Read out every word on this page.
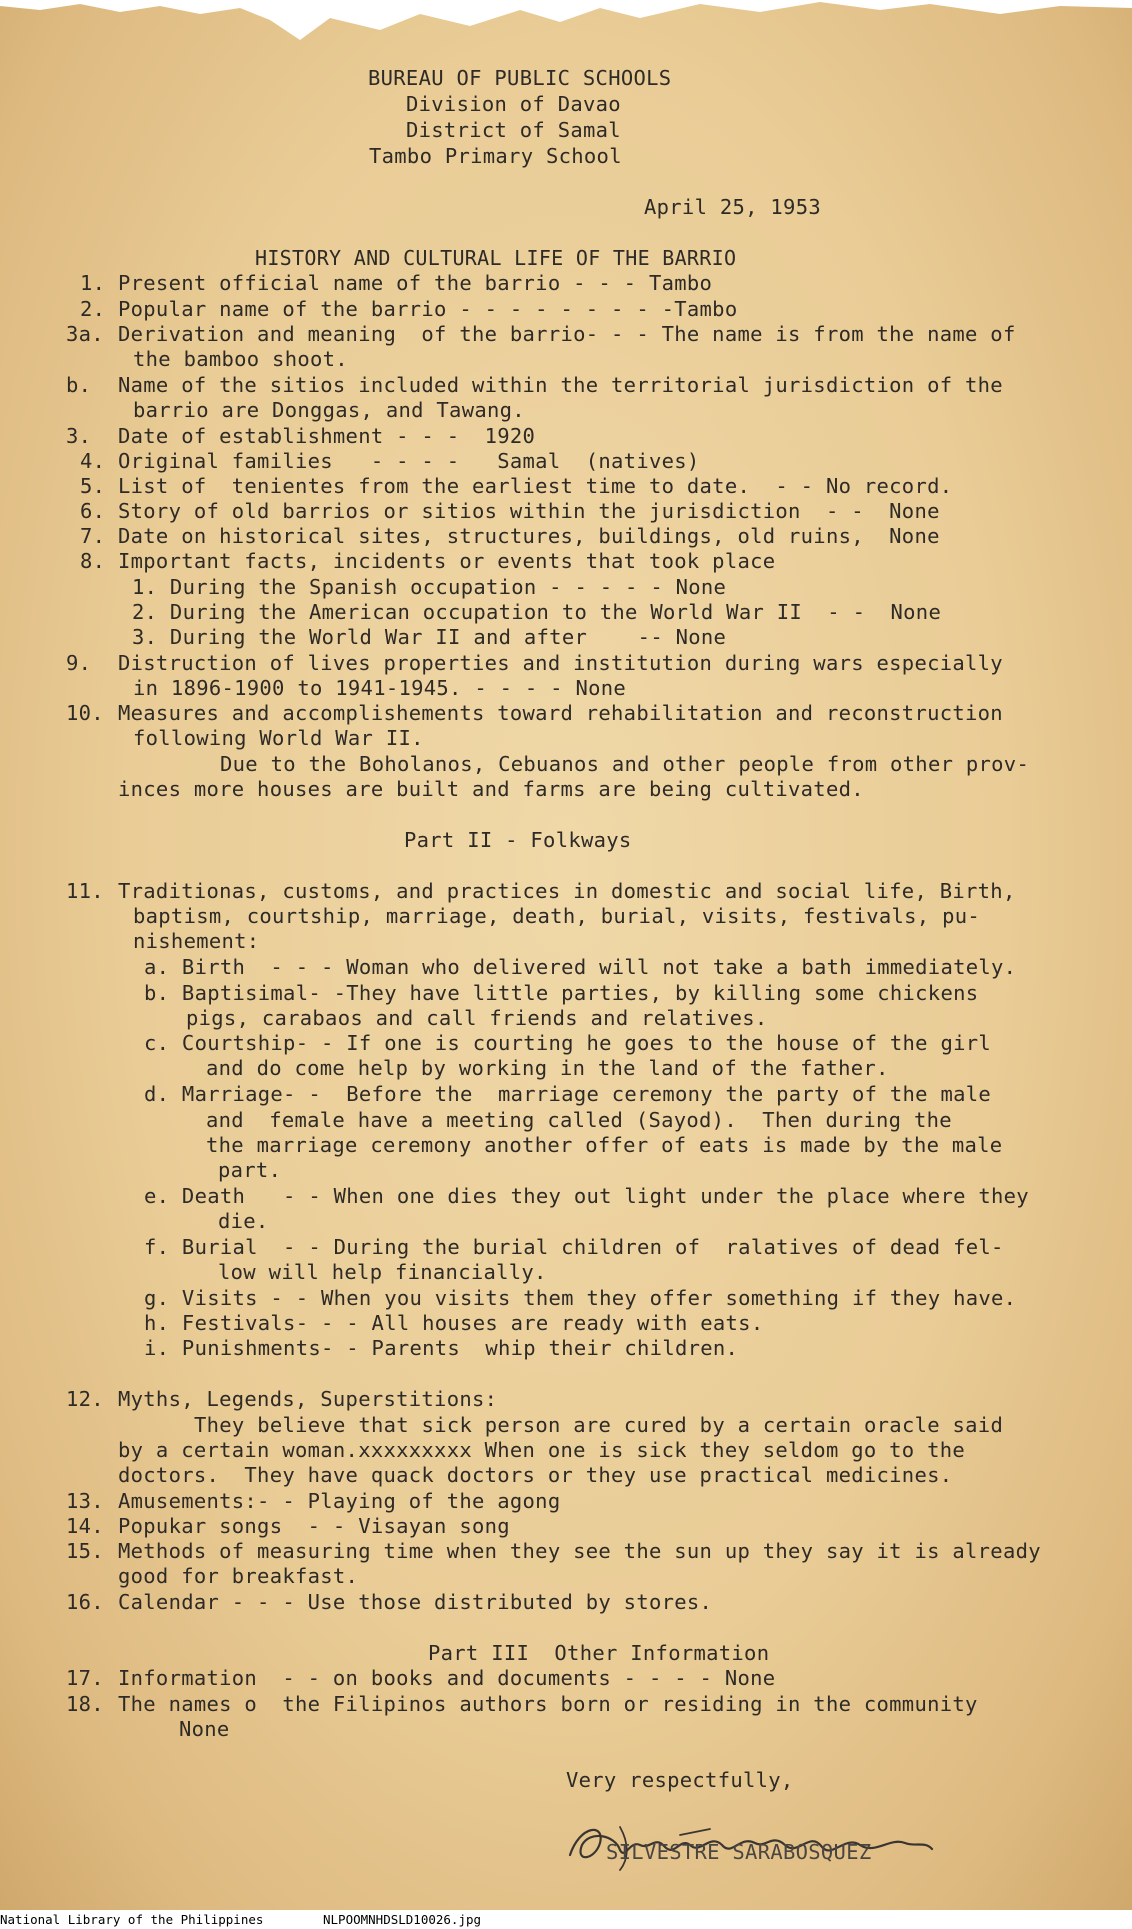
BUREAU OF PUBLIC SCHOOLS
Division of Davao
District of Samal
Tambo Primary School
April 25, 1953
HISTORY AND CULTURAL LIFE OF THE BARRIO
1. Present official name of the barrio - - - Tambo
2. Popular name of the barrio - - - - - - - - -Tambo
3a. Derivation and meaning  of the barrio- - - The name is from the name of
the bamboo shoot.
b. Name of the sitios included within the territorial jurisdiction of the
barrio are Donggas, and Tawang.
3. Date of establishment - - -  1920
4. Original families   - - - -   Samal  (natives)
5. List of  tenientes from the earliest time to date.  - - No record.
6. Story of old barrios or sitios within the jurisdiction  - -  None
7. Date on historical sites, structures, buildings, old ruins,  None
8. Important facts, incidents or events that took place
1. During the Spanish occupation - - - - - None
2. During the American occupation to the World War II  - -  None
3. During the World War II and after    -- None
9. Distruction of lives properties and institution during wars especially
in 1896-1900 to 1941-1945. - - - - None
10. Measures and accomplishements toward rehabilitation and reconstruction
following World War II.
Due to the Boholanos, Cebuanos and other people from other prov-
inces more houses are built and farms are being cultivated.
Part II - Folkways
11. Traditionas, customs, and practices in domestic and social life, Birth,
baptism, courtship, marriage, death, burial, visits, festivals, pu-
nishement:
a. Birth  - - - Woman who delivered will not take a bath immediately.
b. Baptisimal- -They have little parties, by killing some chickens
pigs, carabaos and call friends and relatives.
c. Courtship- - If one is courting he goes to the house of the girl
and do come help by working in the land of the father.
d. Marriage- -  Before the  marriage ceremony the party of the male
and  female have a meeting called (Sayod).  Then during the
the marriage ceremony another offer of eats is made by the male
part.
e. Death   - - When one dies they out light under the place where they
die.
f. Burial  - - During the burial children of  ralatives of dead fel-
low will help financially.
g. Visits - - When you visits them they offer something if they have.
h. Festivals- - - All houses are ready with eats.
i. Punishments- - Parents  whip their children.
12. Myths, Legends, Superstitions:
They believe that sick person are cured by a certain oracle said
by a certain woman.xxxxxxxxx When one is sick they seldom go to the
doctors.  They have quack doctors or they use practical medicines.
13. Amusements:- - Playing of the agong
14. Popukar songs  - - Visayan song
15. Methods of measuring time when they see the sun up they say it is already
good for breakfast.
16. Calendar - - - Use those distributed by stores.
Part III  Other Information
17. Information  - - on books and documents - - - - None
18. The names o  the Filipinos authors born or residing in the community
None
Very respectfully,
SILVESTRE SARABOSQUEZ
National Library of the Philippines	NLPOOMNHDSLD10026.jpg
